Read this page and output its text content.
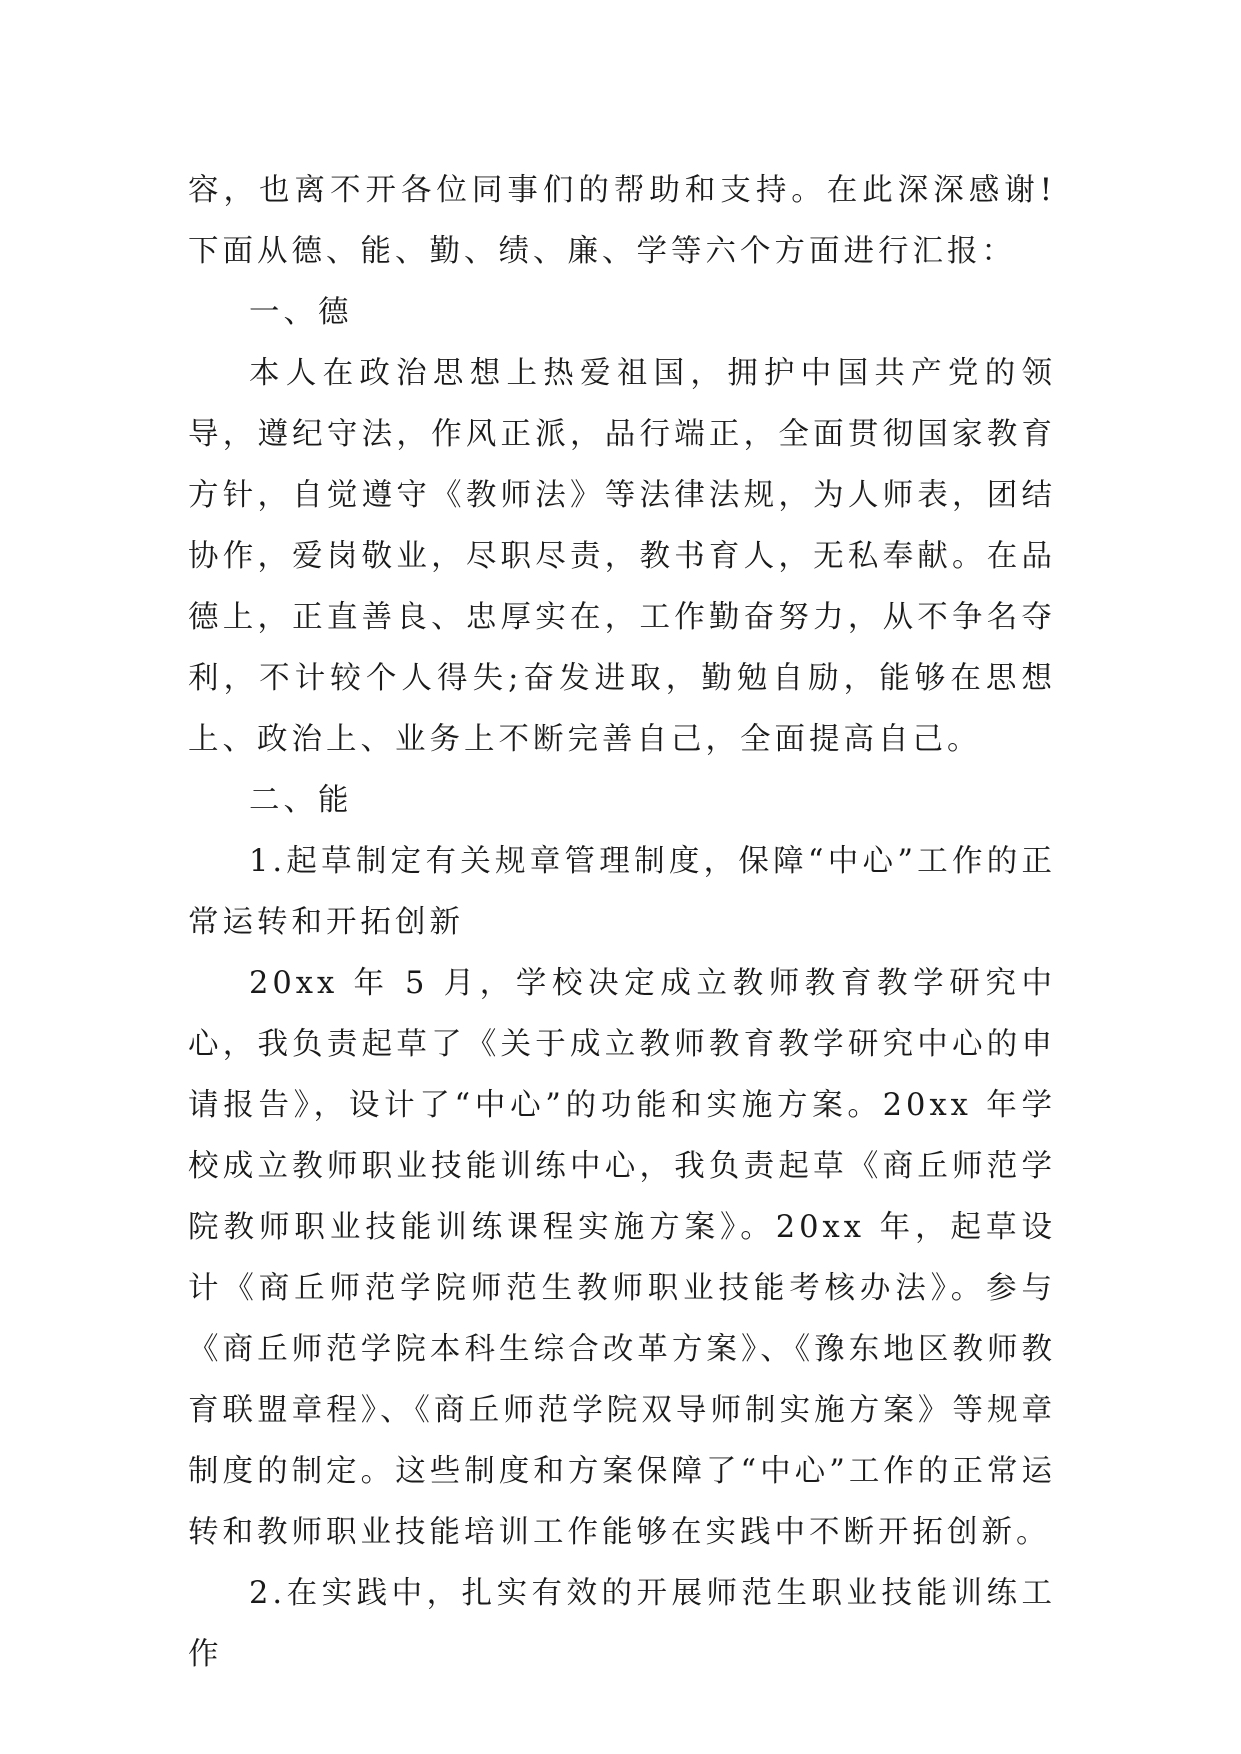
容，也离不开各位同事们的帮助和支持。在此深深感谢!下面从德、能、勤、绩、廉、学等六个方面进行汇报：

一、德

本人在政治思想上热爱祖国，拥护中国共产党的领导，遵纪守法，作风正派，品行端正，全面贯彻国家教育方针，自觉遵守《教师法》等法律法规，为人师表，团结协作，爱岗敬业，尽职尽责，教书育人，无私奉献。在品德上，正直善良、忠厚实在，工作勤奋努力，从不争名夺利，不计较个人得失;奋发进取，勤勉自励，能够在思想上、政治上、业务上不断完善自己，全面提高自己。

二、能

1.起草制定有关规章管理制度，保障“中心”工作的正常运转和开拓创新

20xx 年 5 月，学校决定成立教师教育教学研究中心，我负责起草了《关于成立教师教育教学研究中心的申请报告》，设计了“中心”的功能和实施方案。20xx 年学校成立教师职业技能训练中心，我负责起草《商丘师范学院教师职业技能训练课程实施方案》。20xx 年，起草设计《商丘师范学院师范生教师职业技能考核办法》。参与《商丘师范学院本科生综合改革方案》、《豫东地区教师教育联盟章程》、《商丘师范学院双导师制实施方案》等规章制度的制定。这些制度和方案保障了“中心”工作的正常运转和教师职业技能培训工作能够在实践中不断开拓创新。

2.在实践中，扎实有效的开展师范生职业技能训练工作
